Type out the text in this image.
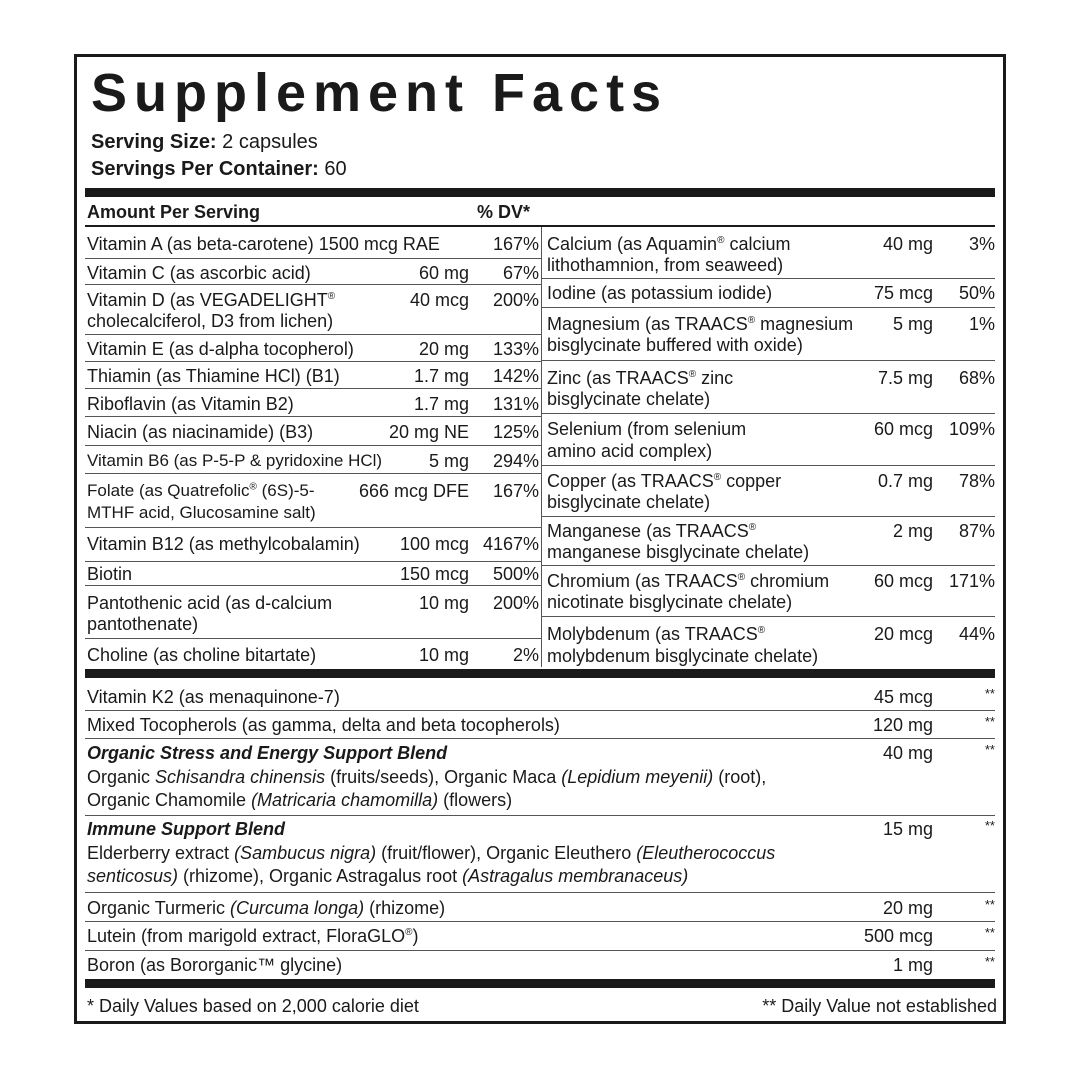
Supplement Facts
Serving Size: 2 capsules
Servings Per Container: 60
Amount Per Serving	% DV*
Vitamin A (as beta-carotene) 1500 mcg RAE	167%
Vitamin C (as ascorbic acid)	60 mg	67%
Vitamin D (as VEGADELIGHT®
cholecalciferol, D3 from lichen)
40 mcg	200%
Vitamin E (as d-alpha tocopherol)	20 mg	133%
Thiamin (as Thiamine HCl) (B1)	1.7 mg	142%
Riboflavin (as Vitamin B2)	1.7 mg	131%
Niacin (as niacinamide) (B3)	20 mg NE	125%
Vitamin B6 (as P-5-P & pyridoxine HCl)	5 mg	294%
Folate (as Quatrefolic® (6S)-5-
MTHF acid, Glucosamine salt)
666 mcg DFE	167%
Vitamin B12 (as methylcobalamin)	100 mcg 4167%
Biotin	150 mcg	500%
Pantothenic acid (as d-calcium
pantothenate)
10 mg	200%
Choline (as choline bitartate)	10 mg	2%
Calcium (as Aquamin® calcium
lithothamnion, from seaweed)
40 mg	3%
Iodine (as potassium iodide)	75 mcg	50%
Magnesium (as TRAACS® magnesium
bisglycinate buffered with oxide)
5 mg	1%
Zinc (as TRAACS® zinc
bisglycinate chelate)
7.5 mg	68%
Selenium (from selenium
amino acid complex)
60 mcg 109%
Copper (as TRAACS® copper
bisglycinate chelate)
0.7 mg	78%
Manganese (as TRAACS®
manganese bisglycinate chelate)
2 mg	87%
Chromium (as TRAACS® chromium
nicotinate bisglycinate chelate)
60 mcg 171%
Molybdenum (as TRAACS®
molybdenum bisglycinate chelate)
20 mcg	44%
Vitamin K2 (as menaquinone-7)	45 mcg	**
Mixed Tocopherols (as gamma, delta and beta tocopherols)	120 mg	**
Organic Stress and Energy Support Blend	40 mg	**
Organic Schisandra chinensis (fruits/seeds), Organic Maca (Lepidium meyenii) (root),
Organic Chamomile (Matricaria chamomilla) (flowers)
Immune Support Blend	15 mg	**
Elderberry extract (Sambucus nigra) (fruit/flower), Organic Eleuthero (Eleutherococcus
senticosus) (rhizome), Organic Astragalus root (Astragalus membranaceus)
Organic Turmeric (Curcuma longa) (rhizome)	20 mg	**
Lutein (from marigold extract, FloraGLO®)	500 mcg	**
Boron (as Bororganic™ glycine)	1 mg	**
* Daily Values based on 2,000 calorie diet	** Daily Value not established
